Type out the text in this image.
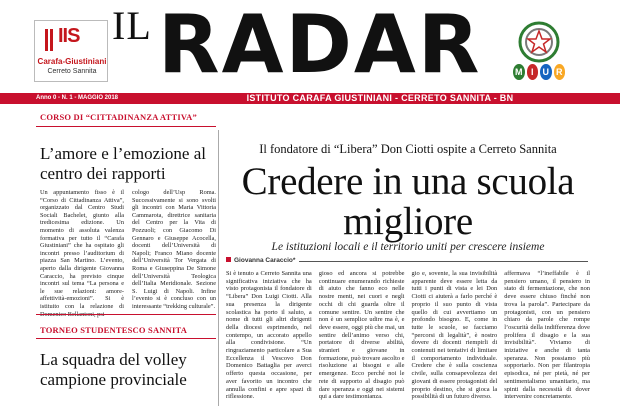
IIS
Carafa-Giustiniani
Cerreto Sannita
IL RADAR	M I	U R
Anno 0 - N. 1 - MAGGIO 2018	ISTITUTO CARAFA GIUSTINIANI - CERRETO SANNITA - BN
CORSO DI “CITTADINANZA ATTIVA”
L’amore e l’emozione al centro dei rapporti

Un appuntamento fisso è il “Corso di Cittadinanza Attiva”, organizzato dal Centro Studi Sociali Bachelet, giunto alla tredicesima edizione. Un momento di assoluta valenza formativa per tutto il “Carafa Giustiniani” che ha ospitato gli incontri presso l’auditorium di piazza San Martino. L’evento, aperto dalla dirigente Giovanna Caraccio, ha previsto cinque incontri sul tema “La persona e le sue relazioni: amore-affettività-emozioni”. Si è istituito con la relazione di

cologo dell’Usp Roma. Successivamente si sono svolti gli incontri con Maria Vittoria Cammarota, direttrice sanitaria del Centro per la Vita di Pozzuoli; con Giacomo Di Gennaro e Giuseppe Acocella, docenti dell’Università di Napoli; Franco Miano docente dell’Università Tor Vergata di Roma e Giuseppina De Simone dell’Università Teologica dell’Italia Meridionale. Sezione S. Luigi di Napoli. Infine l’evento si è concluso con un interessante “trekking culturale”.

TORNEO STUDENTESCO SANNITA
La squadra del volley campione provinciale
Il fondatore di “Libera” Don Ciotti ospite a Cerreto Sannita
Credere in una scuola migliore
Le istituzioni locali e il territorio uniti per crescere insieme
Giovanna Caraccio*

Si è tenuto a Cerreto Sannita una significativa iniziativa che ha visto protagonista il fondatore di “Libera” Don Luigi Ciotti. Alla sua presenza la dirigente scolastica ha porto il saluto, a nome di tutti gli altri dirigenti della diocesi esprimendo, nel contempo, un accorato appello alla condivisione. “Un ringraziamento particolare a Sua Eccellenza il Vescovo Don Domenico Battaglia per averci offerto questa occasione, per aver favorito un incontro che annulla confini e apre spazi di riflessione.

gioso ed ancora si potrebbe continuare enumerando richieste di aiuto che fanno eco nelle nostre menti, nei cuori e negli occhi di chi guarda oltre il comune sentire. Un sentire che non è un semplice udire ma è, e deve essere, oggi più che mai, un sentire dell’animo verso chi, portatore di diverse abilità, stranieri e giovane in formazione, può trovare ascolto e risoluzione ai bisogni e alle emergenze. Ecco perché noi le rete di supporto al disagio può dare speranza e oggi nei sistemi qui a dare testimonianza.

gio e, sovente, la sua invisibilità apparente deve essere letta da tutti i punti di vista e lei Don Ciotti ci aiuterà a farlo perché è proprio il suo punto di vista quello di cui avvertiamo un profondo bisogno. E, come in tutte le scuole, se facciamo “percorsi di legalità”, è nostro dovere di docenti riempirli di contenuti nei tentativi di limitare il comportamento individuale. Credere che è sulla coscienza civile, sulla consapevolezza dei giovani di essere protagonisti del proprio destino, che si gioca la possibilità di un futuro diverso.

affermava “l’ineffabile è il pensiero umano, il pensiero in stato di fermentazione, che non deve essere chiuso finché non trova la parola”. Partecipare da protagonisti, con un pensiero chiaro da parole che rompe l’oscurità della indifferenza dove prolifera il disagio e la sua invisibilità”. Viviamo di iniziative e anche di tanta speranza. Non possiamo più sopportarlo. Non per filantropia episodica, né per pietà, né per sentimentalismo umanitario, ma spinti dalla necessità di dover intervenire concretamente.
